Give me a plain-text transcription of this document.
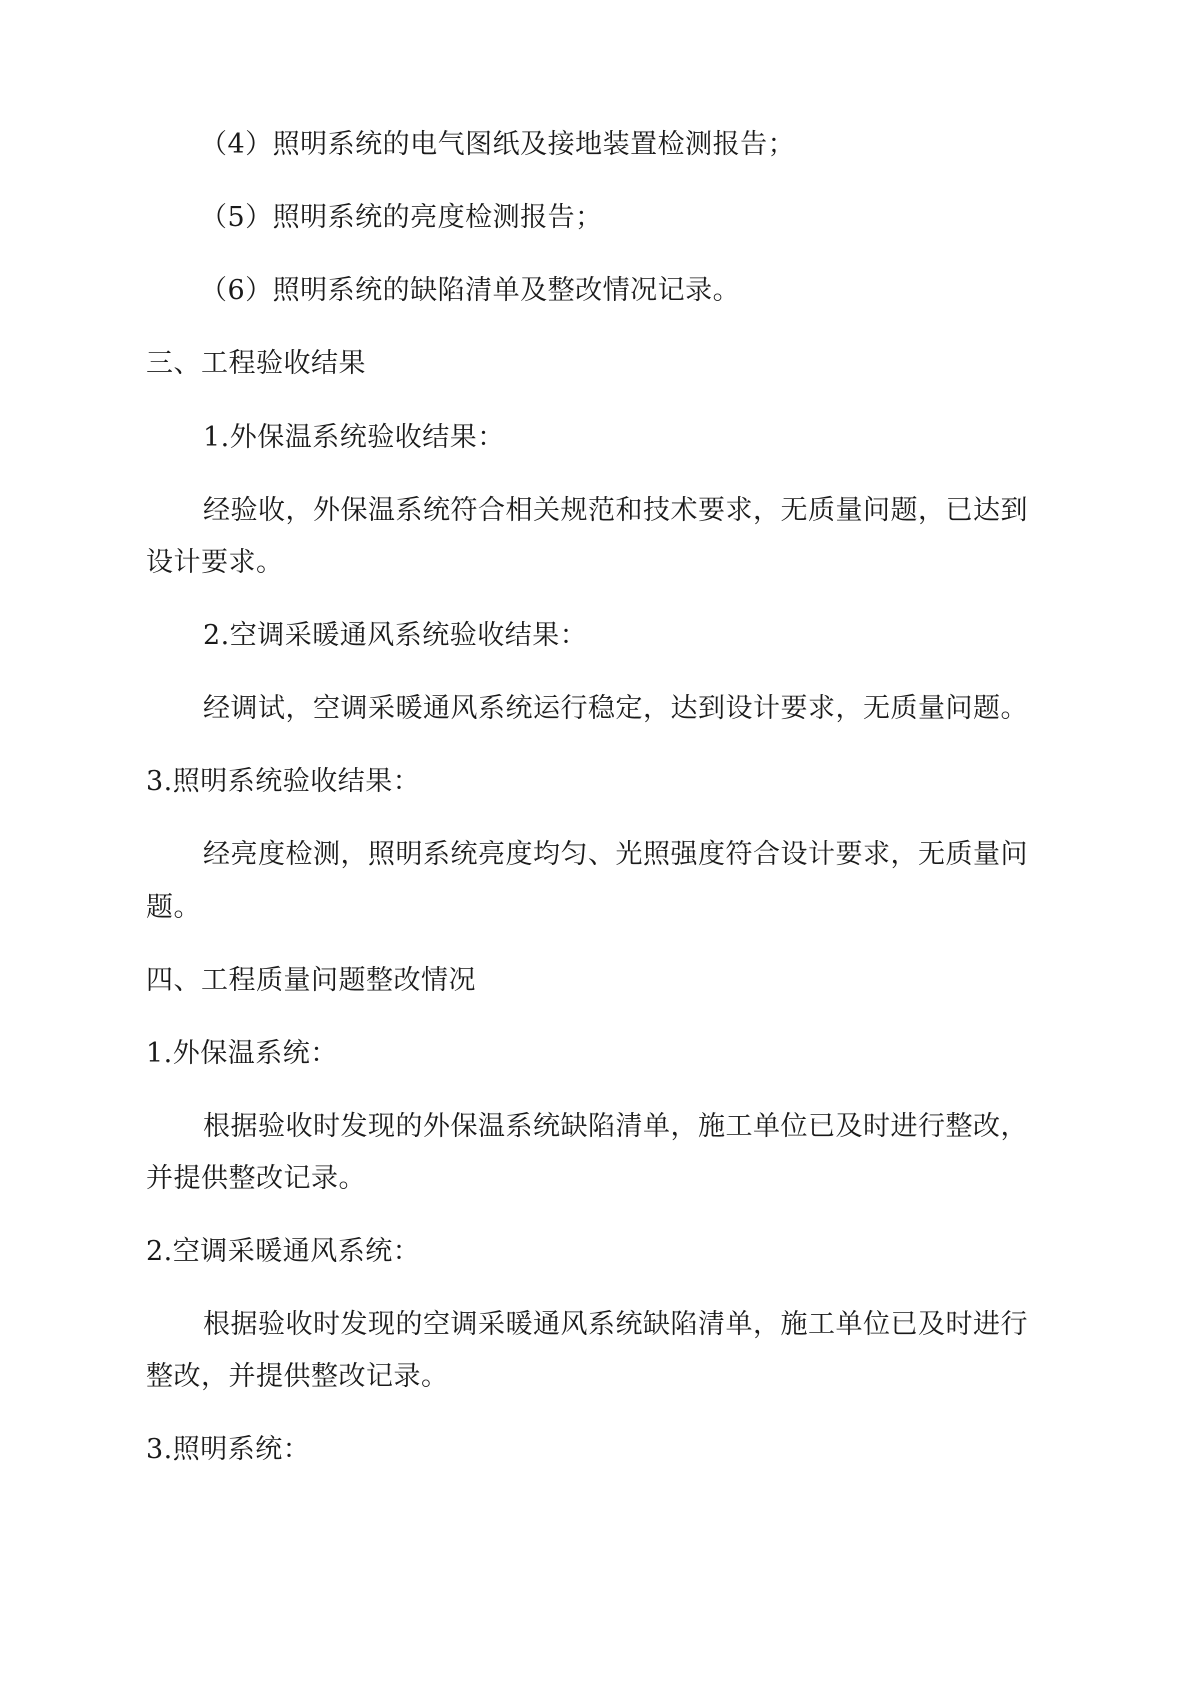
（4）照明系统的电气图纸及接地装置检测报告；
（5）照明系统的亮度检测报告；
（6）照明系统的缺陷清单及整改情况记录。
三、工程验收结果
1.外保温系统验收结果：
经验收，外保温系统符合相关规范和技术要求，无质量问题，已达到
设计要求。
2.空调采暖通风系统验收结果：
经调试，空调采暖通风系统运行稳定，达到设计要求，无质量问题。
3.照明系统验收结果：
经亮度检测，照明系统亮度均匀、光照强度符合设计要求，无质量问
题。
四、工程质量问题整改情况
1.外保温系统：
根据验收时发现的外保温系统缺陷清单，施工单位已及时进行整改，
并提供整改记录。
2.空调采暖通风系统：
根据验收时发现的空调采暖通风系统缺陷清单，施工单位已及时进行
整改，并提供整改记录。
3.照明系统：
